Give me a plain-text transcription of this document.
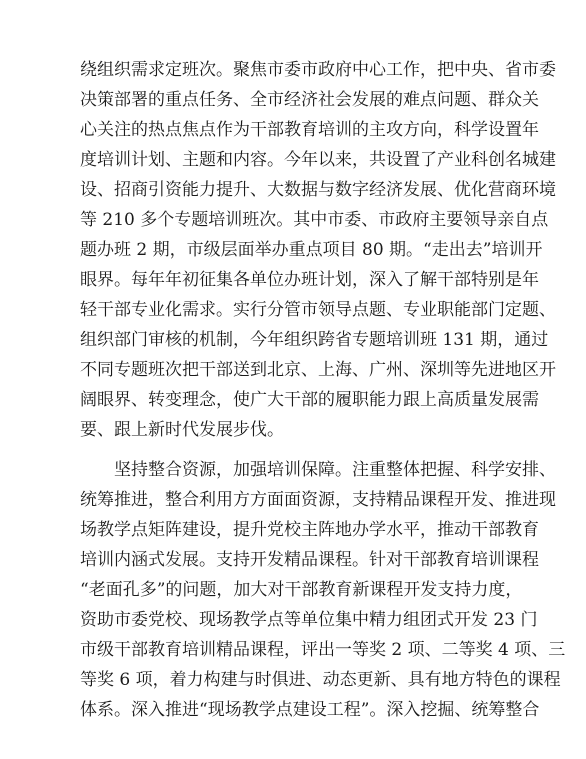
绕组织需求定班次。聚焦市委市政府中心工作，把中央、省市委
决策部署的重点任务、全市经济社会发展的难点问题、群众关
心关注的热点焦点作为干部教育培训的主攻方向，科学设置年
度培训计划、主题和内容。今年以来，共设置了产业科创名城建
设、招商引资能力提升、大数据与数字经济发展、优化营商环境
等 210 多个专题培训班次。其中市委、市政府主要领导亲自点
题办班 2 期，市级层面举办重点项目 80 期。“走出去”培训开
眼界。每年年初征集各单位办班计划，深入了解干部特别是年
轻干部专业化需求。实行分管市领导点题、专业职能部门定题、
组织部门审核的机制，今年组织跨省专题培训班 131 期，通过
不同专题班次把干部送到北京、上海、广州、深圳等先进地区开
阔眼界、转变理念，使广大干部的履职能力跟上高质量发展需
要、跟上新时代发展步伐。
坚持整合资源，加强培训保障。注重整体把握、科学安排、
统筹推进，整合利用方方面面资源，支持精品课程开发、推进现
场教学点矩阵建设，提升党校主阵地办学水平，推动干部教育
培训内涵式发展。支持开发精品课程。针对干部教育培训课程
“老面孔多”的问题，加大对干部教育新课程开发支持力度，
资助市委党校、现场教学点等单位集中精力组团式开发 23 门
市级干部教育培训精品课程，评出一等奖 2 项、二等奖 4 项、三
等奖 6 项，着力构建与时俱进、动态更新、具有地方特色的课程
体系。深入推进“现场教学点建设工程”。深入挖掘、统筹整合
